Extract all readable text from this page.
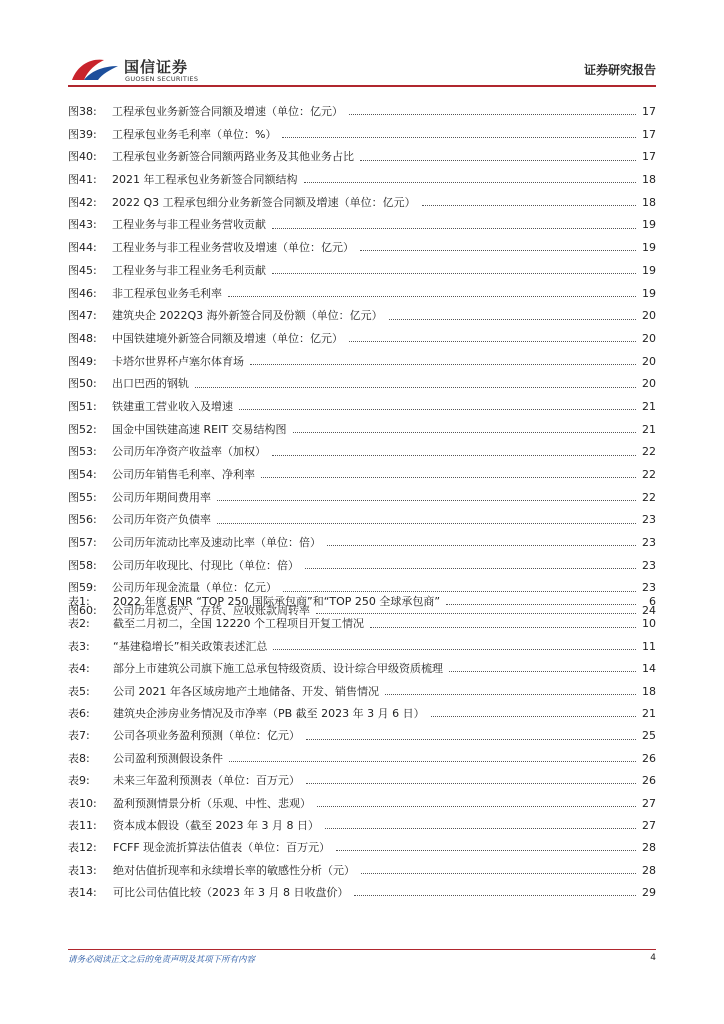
国信证券
GUOSEN SECURITIES
证券研究报告
图38:	工程承包业务新签合同额及增速（单位：亿元）	17
图39:	工程承包业务毛利率（单位：%）	17
图40:	工程承包业务新签合同额两路业务及其他业务占比	17
图41:	2021 年工程承包业务新签合同额结构	18
图42:	2022 Q3 工程承包细分业务新签合同额及增速（单位：亿元）	18
图43:	工程业务与非工程业务营收贡献	19
图44:	工程业务与非工程业务营收及增速（单位：亿元）	19
图45:	工程业务与非工程业务毛利贡献	19
图46:	非工程承包业务毛利率	19
图47:	建筑央企 2022Q3 海外新签合同及份额（单位：亿元）	20
图48:	中国铁建境外新签合同额及增速（单位：亿元）	20
图49:	卡塔尔世界杯卢塞尔体育场	20
图50:	出口巴西的钢轨	20
图51:	铁建重工营业收入及增速	21
图52:	国金中国铁建高速 REIT 交易结构图	21
图53:	公司历年净资产收益率（加权）	22
图54:	公司历年销售毛利率、净利率	22
图55:	公司历年期间费用率	22
图56:	公司历年资产负债率	23
图57:	公司历年流动比率及速动比率（单位：倍）	23
图58:	公司历年收现比、付现比（单位：倍）	23
图59:	公司历年现金流量（单位：亿元）	23
图60:	公司历年总资产、存货、应收账款周转率	24
表1:	2022 年度 ENR “TOP 250 国际承包商”和“TOP 250 全球承包商”	6
表2:	截至二月初二，全国 12220 个工程项目开复工情况	10
表3:	“基建稳增长”相关政策表述汇总	11
表4:	部分上市建筑公司旗下施工总承包特级资质、设计综合甲级资质梳理	14
表5:	公司 2021 年各区域房地产土地储备、开发、销售情况	18
表6:	建筑央企涉房业务情况及市净率（PB 截至 2023 年 3 月 6 日）	21
表7:	公司各项业务盈利预测（单位：亿元）	25
表8:	公司盈利预测假设条件	26
表9:	未来三年盈利预测表（单位：百万元）	26
表10:	盈利预测情景分析（乐观、中性、悲观）	27
表11:	资本成本假设（截至 2023 年 3 月 8 日）	27
表12:	FCFF 现金流折算法估值表（单位：百万元）	28
表13:	绝对估值折现率和永续增长率的敏感性分析（元）	28
表14:	可比公司估值比较（2023 年 3 月 8 日收盘价）	29
请务必阅读正文之后的免责声明及其项下所有内容	4
